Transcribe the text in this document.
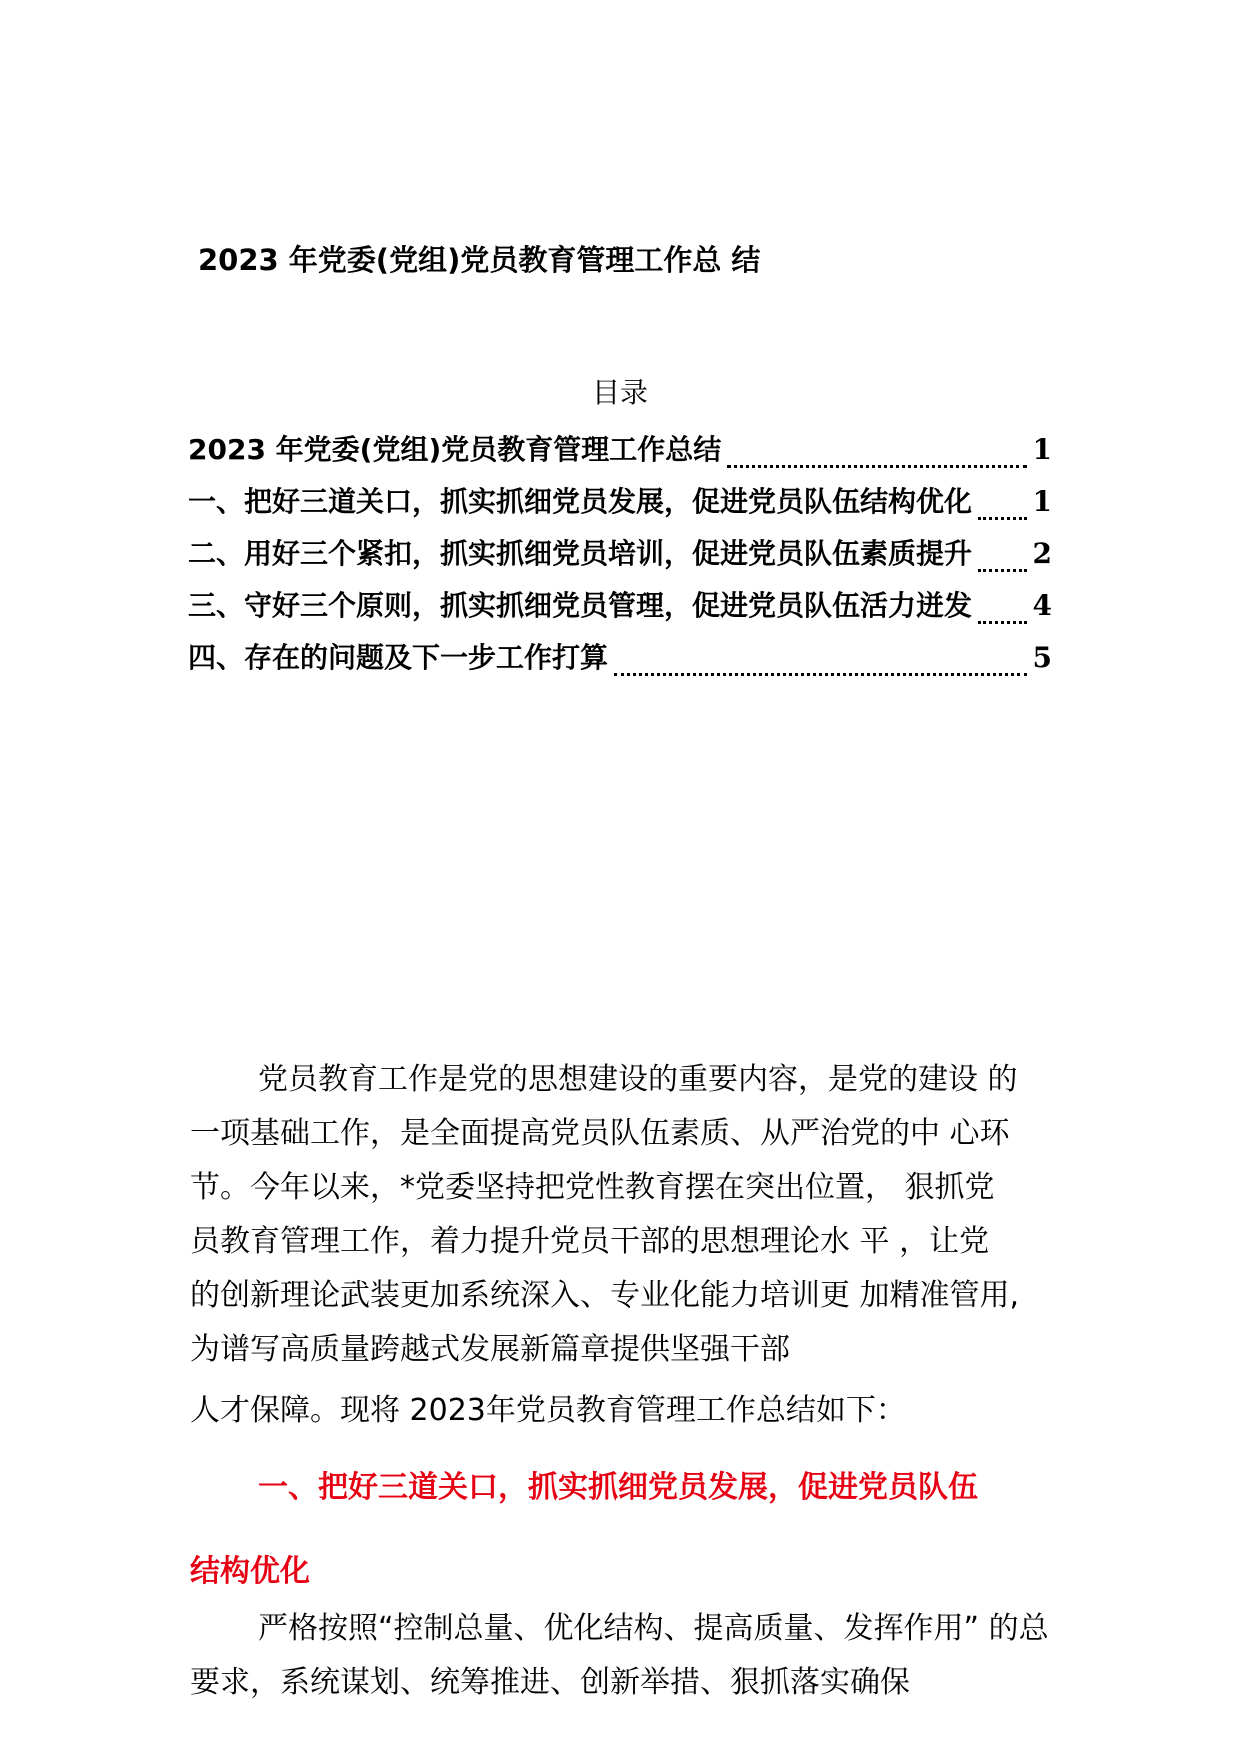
2023 年党委(党组)党员教育管理工作总 结
目录
2023 年党委(党组)党员教育管理工作总结	1
一、把好三道关口，抓实抓细党员发展，促进党员队伍结构优化 1
二、用好三个紧扣，抓实抓细党员培训，促进党员队伍素质提升 2
三、守好三个原则，抓实抓细党员管理，促进党员队伍活力迸发 4
四、存在的问题及下一步工作打算	5
党员教育工作是党的思想建设的重要内容，是党的建设 的
一项基础工作，是全面提高党员队伍素质、从严治党的中 心环
节。今年以来，*党委坚持把党性教育摆在突出位置， 狠抓党
员教育管理工作，着力提升党员干部的思想理论水 平 ，让党
的创新理论武装更加系统深入、专业化能力培训更 加精准管用,
为谱写高质量跨越式发展新篇章提供坚强干部
人才保障。现将 2023年党员教育管理工作总结如下：
一、把好三道关口，抓实抓细党员发展，促进党员队伍
结构优化
严格按照“控制总量、优化结构、提高质量、发挥作用” 的总
要求，系统谋划、统筹推进、创新举措、狠抓落实确保
